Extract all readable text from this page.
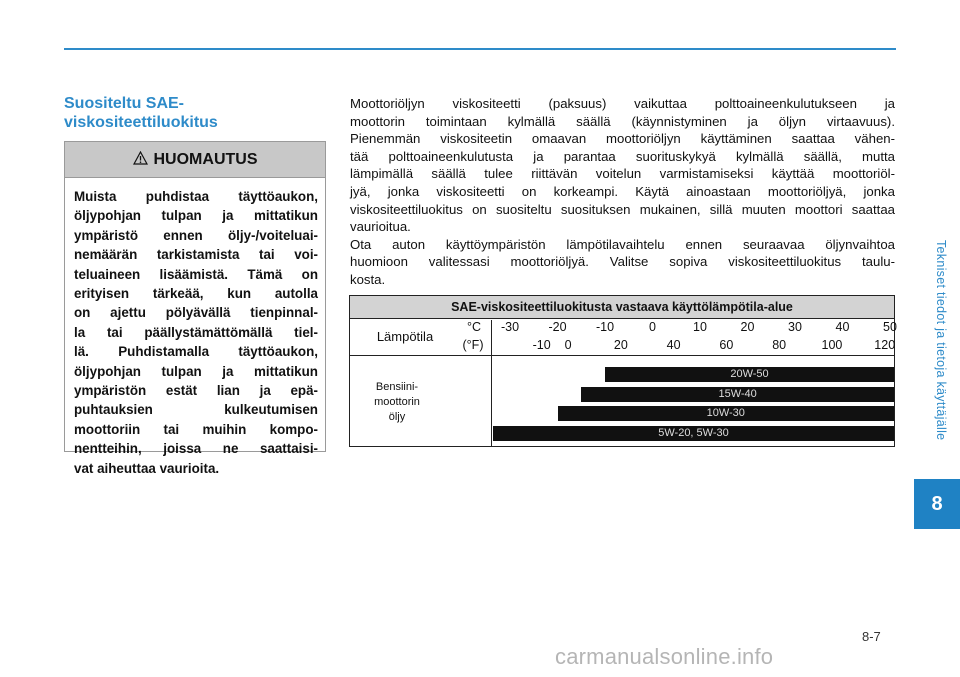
Tekniset tiedot ja tietoja käyttäjälle
8
Suositeltu SAE-
viskositeettiluokitus
HUOMAUTUS
Muista puhdistaa täyttöaukon,
öljypohjan tulpan ja mittatikun
ympäristö ennen öljy-/voiteluai-
nemäärän tarkistamista tai voi-
teluaineen lisäämistä. Tämä on
erityisen tärkeää, kun autolla
on ajettu pölyävällä tienpinnal-
la tai päällystämättömällä tiel-
lä. Puhdistamalla täyttöaukon,
öljypohjan tulpan ja mittatikun
ympäristön estät lian ja epä-
puhtauksien kulkeutumisen
moottoriin tai muihin kompo-
nentteihin, joissa ne saattaisi-
vat aiheuttaa vaurioita.
Moottoriöljyn viskositeetti (paksuus) vaikuttaa polttoaineenkulutukseen ja
moottorin toimintaan kylmällä säällä (käynnistyminen ja öljyn virtaavuus).
Pienemmän viskositeetin omaavan moottoriöljyn käyttäminen saattaa vähen-
tää polttoaineenkulutusta ja parantaa suorituskykyä kylmällä säällä, mutta
lämpimällä säällä tulee riittävän voitelun varmistamiseksi käyttää moottoriöl-
jyä, jonka viskositeetti on korkeampi. Käytä ainoastaan moottoriöljyä, jonka
viskositeettiluokitus on suositeltu suosituksen mukainen, sillä muuten moottori saattaa
vaurioitua.
Ota auton käyttöympäristön lämpötilavaihtelu ennen seuraavaa öljynvaihtoa
huomioon valitessasi moottoriöljyä. Valitse sopiva viskositeettiluokitus taulu-
kosta.
SAE-viskositeettiluokitusta vastaava käyttölämpötila-alue
Lämpötila
°C
(°F)
-30 -20 -10	0	10	20	30	40	50
-10 0	20	40	60	80	100	120
Bensiini-
moottorin
öljy
20W-50
15W-40
10W-30
5W-20, 5W-30
8-7
carmanualsonline.info
